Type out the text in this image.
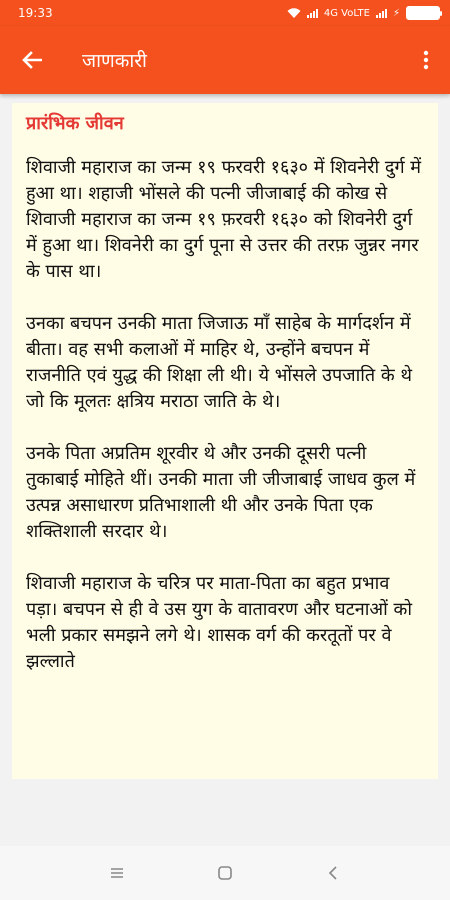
19:33	4G VoLTE ⚡
जाणकारी
प्रारंभिक जीवन

शिवाजी महाराज का जन्म १९ फरवरी १६३० में शिवनेरी दुर्ग में हुआ था। शहाजी भोंसले की पत्नी जीजाबाई की कोख से शिवाजी महाराज का जन्म १९ फ़रवरी १६३० को शिवनेरी दुर्ग में हुआ था। शिवनेरी का दुर्ग पूना से उत्तर की तरफ़ जुन्नर नगर के पास था।

उनका बचपन उनकी माता जिजाऊ माँ साहेब के मार्गदर्शन में बीता। वह सभी कलाओं में माहिर थे, उन्होंने बचपन में राजनीति एवं युद्ध की शिक्षा ली थी। ये भोंसले उपजाति के थे जो कि मूलतः क्षत्रिय मराठा जाति के थे।

उनके पिता अप्रतिम शूरवीर थे और उनकी दूसरी पत्नी तुकाबाई मोहिते थीं। उनकी माता जी जीजाबाई जाधव कुल में उत्पन्न असाधारण प्रतिभाशाली थी और उनके पिता एक शक्तिशाली सरदार थे।

शिवाजी महाराज के चरित्र पर माता-पिता का बहुत प्रभाव पड़ा। बचपन से ही वे उस युग के वातावरण और घटनाओं को भली प्रकार समझने लगे थे। शासक वर्ग की करतूतों पर वे झल्लाते
